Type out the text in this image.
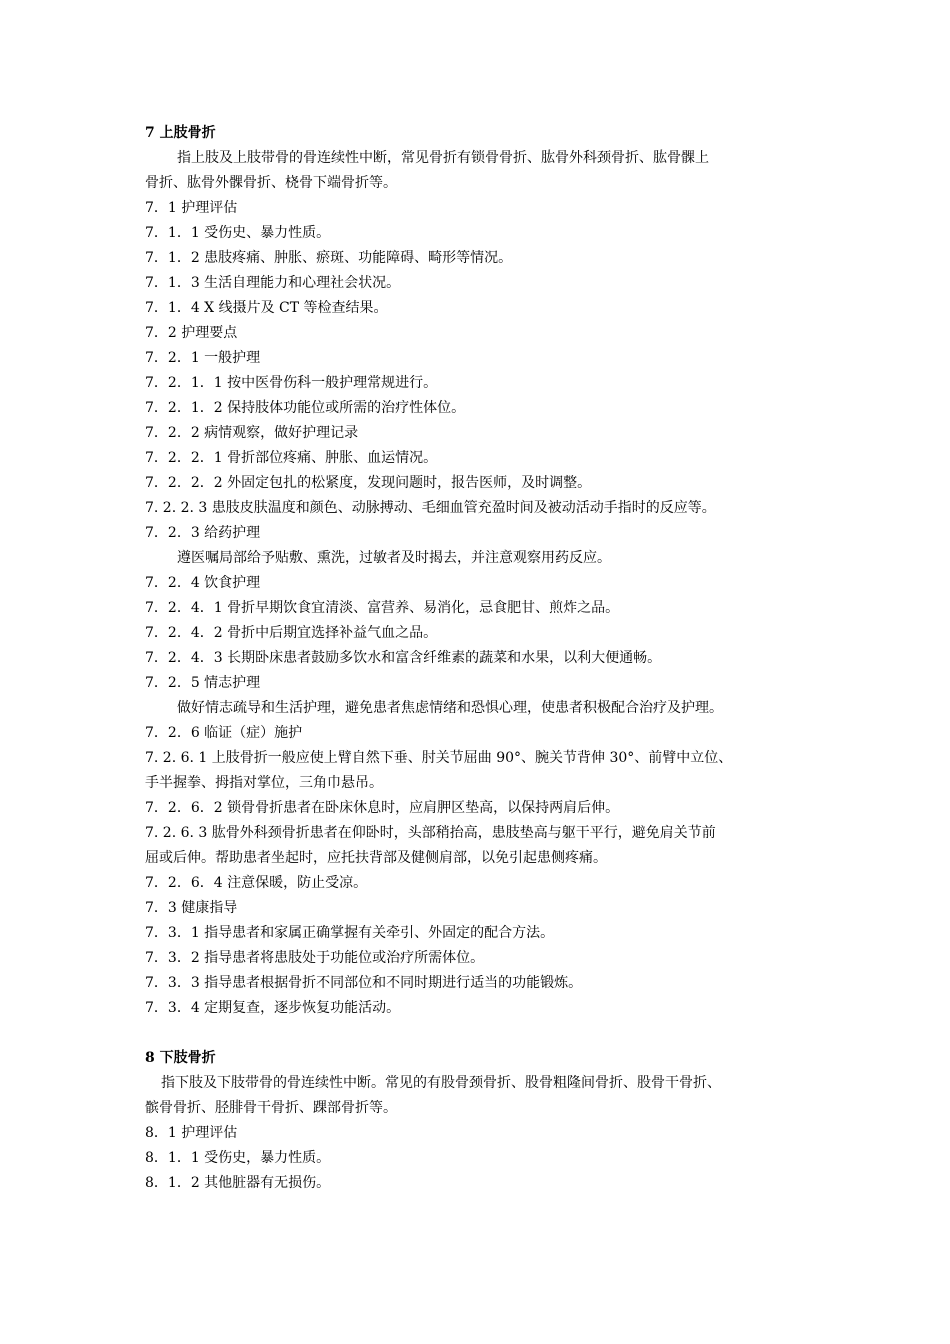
7 上肢骨折
指上肢及上肢带骨的骨连续性中断，常见骨折有锁骨骨折、肱骨外科颈骨折、肱骨髁上
骨折、肱骨外髁骨折、桡骨下端骨折等。
7．1 护理评估
7．1．1 受伤史、暴力性质。
7．1．2 患肢疼痛、肿胀、瘀斑、功能障碍、畸形等情况。
7．1．3 生活自理能力和心理社会状况。
7．1．4 X 线摄片及 CT 等检查结果。
7．2 护理要点
7．2．1 一般护理
7．2．1．1 按中医骨伤科一般护理常规进行。
7．2．1．2 保持肢体功能位或所需的治疗性体位。
7．2．2 病情观察，做好护理记录
7．2．2．1 骨折部位疼痛、肿胀、血运情况。
7．2．2．2 外固定包扎的松紧度，发现问题时，报告医师，及时调整。
7. 2. 2. 3 患肢皮肤温度和颜色、动脉搏动、毛细血管充盈时间及被动活动手指时的反应等。
7．2．3 给药护理
遵医嘱局部给予贴敷、熏洗，过敏者及时揭去，并注意观察用药反应。
7．2．4 饮食护理
7．2．4．1 骨折早期饮食宜清淡、富营养、易消化，忌食肥甘、煎炸之品。
7．2．4．2 骨折中后期宜选择补益气血之品。
7．2．4．3 长期卧床患者鼓励多饮水和富含纤维素的蔬菜和水果，以利大便通畅。
7．2．5 情志护理
做好情志疏导和生活护理，避免患者焦虑情绪和恐惧心理，使患者积极配合治疗及护理。
7．2．6 临证（症）施护
7. 2. 6. 1 上肢骨折一般应使上臂自然下垂、肘关节屈曲 90°、腕关节背伸 30°、前臂中立位、
手半握拳、拇指对掌位，三角巾悬吊。
7．2．6．2 锁骨骨折患者在卧床休息时，应肩胛区垫高，以保持两肩后伸。
7. 2. 6. 3 肱骨外科颈骨折患者在仰卧时，头部稍抬高，患肢垫高与躯干平行，避免肩关节前
屈或后伸。帮助患者坐起时，应托扶背部及健侧肩部，以免引起患侧疼痛。
7．2．6．4 注意保暖，防止受凉。
7．3 健康指导
7．3．1 指导患者和家属正确掌握有关牵引、外固定的配合方法。
7．3．2 指导患者将患肢处于功能位或治疗所需体位。
7．3．3 指导患者根据骨折不同部位和不同时期进行适当的功能锻炼。
7．3．4 定期复查，逐步恢复功能活动。
8 下肢骨折
指下肢及下肢带骨的骨连续性中断。常见的有股骨颈骨折、股骨粗隆间骨折、股骨干骨折、
髌骨骨折、胫腓骨干骨折、踝部骨折等。
8．1 护理评估
8．1．1 受伤史，暴力性质。
8．1．2 其他脏器有无损伤。
